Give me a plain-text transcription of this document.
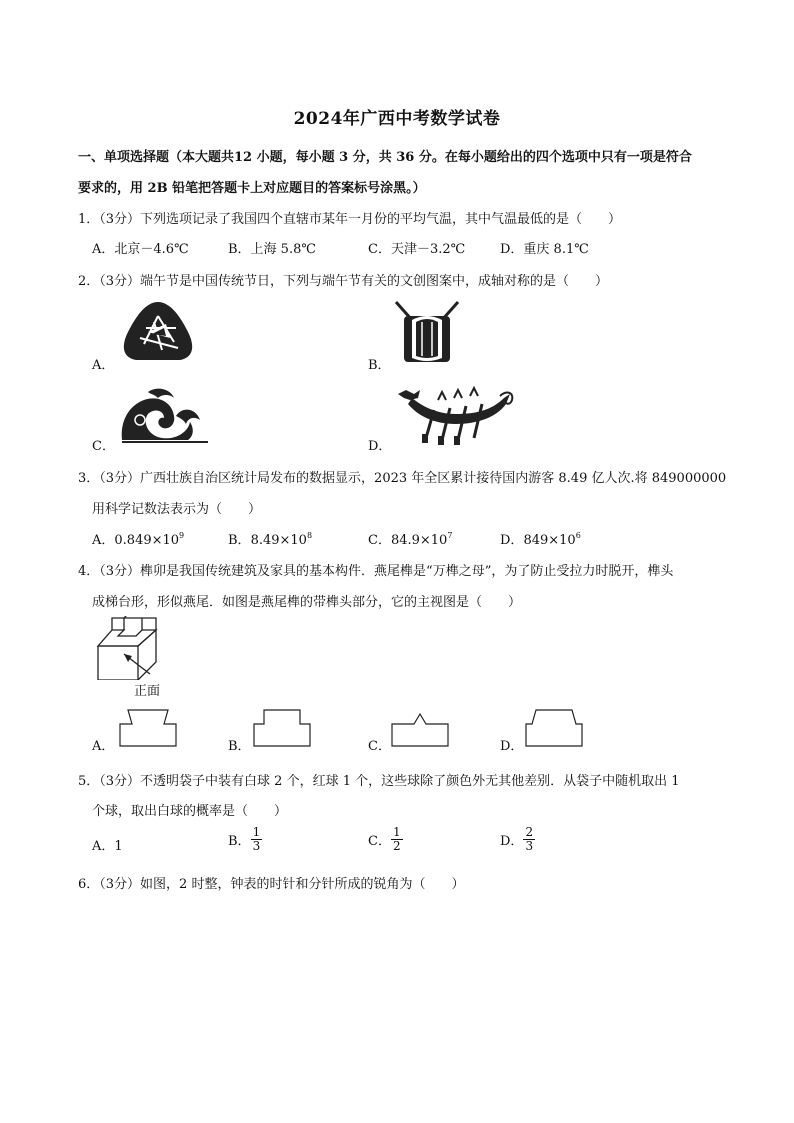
2024年广西中考数学试卷
一、单项选择题（本大题共12 小题，每小题 3 分，共 36 分。在每小题给出的四个选项中只有一项是符合
要求的，用 2B 铅笔把答题卡上对应题目的答案标号涂黑。）
1．（3分）下列选项记录了我国四个直辖市某年一月份的平均气温，其中气温最低的是（　　）
A．北京－4.6℃	B．上海 5.8℃	C．天津－3.2℃	D．重庆 8.1℃
2．（3分）端午节是中国传统节日，下列与端午节有关的文创图案中，成轴对称的是（　　）
A．	B．
C．	D．
3．（3分）广西壮族自治区统计局发布的数据显示，2023 年全区累计接待国内游客 8.49 亿人次.将 849000000
用科学记数法表示为（　　）
A．$0.849\times 10^9$	B．$8.49\times 10^8$	C．$84.9\times 10^7$	D．$849\times 10^6$
4．（3分）榫卯是我国传统建筑及家具的基本构件．燕尾榫是“万榫之母”，为了防止受拉力时脱开，榫头
成梯台形，形似燕尾．如图是燕尾榫的带榫头部分，它的主视图是（　　）
正面
A．	B．	C．	D．
5．（3分）不透明袋子中装有白球 2 个，红球 1 个，这些球除了颜色外无其他差别．从袋子中随机取出 1
个球，取出白球的概率是（　　）
A．1	B． $\frac{1}{3}$	C． $\frac{1}{2}$	D． $\frac{2}{3}$
6．（3分）如图，2 时整，钟表的时针和分针所成的锐角为（　　）
